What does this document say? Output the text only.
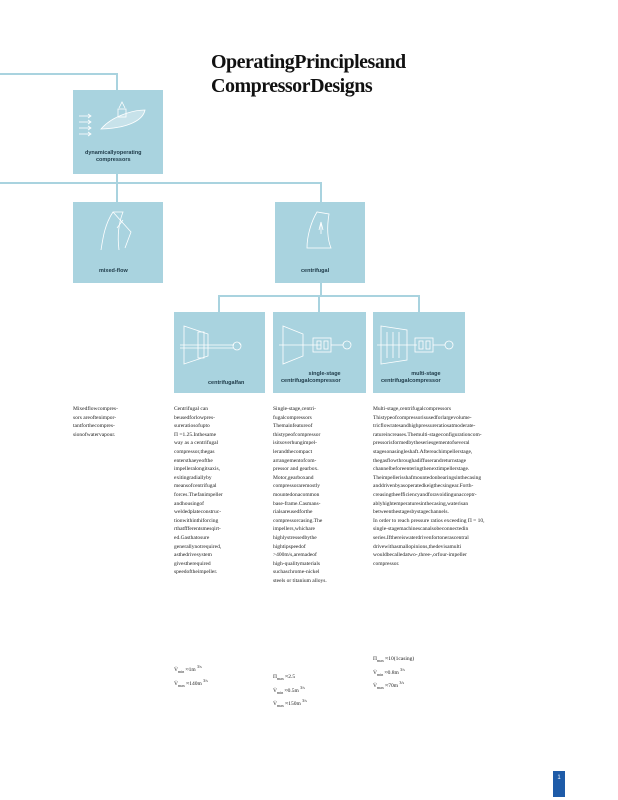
OperatingPrinciplesand
CompressorDesigns
dynamicallyoperating
compressors
mixed-flow	centrifugal
centrifugalfan
single-stage
centrifugalcompressor
multi-stage
centrifugalcompressor

Mixedflowcompres-
sors areoftenimpor-
tantforthecompres-
sionofwatervapour.

Centrifugal can
beusedforlowpres-
sureratiosofupto
Π =1.25.Inthesame
way as a centrifugal
compressor,thegas
entersthaeyeofthe
impelleralongitsaxis,
exitingradiallyby
meansofcentrifugal
forces.Thefanimpeller
andhousingof
weldedplateconstruc-
tionwithinthiforcing
rthatffferentsmesqirt-
ed.Gasthatosure
generallynotrequired,
asthedrivesystem
givestherequired
speedoftheimpeller.

Single-stage,centri-
fugalcompressors
Themainfeatureof
thistypeofcompressor
isitsoverhungimpel-
lerandthecompact
arrangementofcom-
pressor and gearbox.
Motor,gearboxand
compressoraremostly
mountedonacommon
base-frame.Casmans-
rialsareusedforthe
compressorcasing.The
impellers,whichare
highlystressedbythe
hightipspeedof
>400m/s,aremadeof
high-qualitymaterials
suchaschrome-nickel
steels or titanium alloys.

Multi-stage,centrifugalcompressors
Thistypeofcompressorisusedforlargevolume-
tricflowratesandhighpressureratiosatmoderate-
ratureincreases.Themulti-stageconfigurationcom-
pressorisformedbytheseriesgementofseveral
stagesonasingleshaft.Aftereachimpellerstage,
thegasflowthroughadiffuserandreturnstage
channelbeforeenteringthenextimpellerstage.
Theimpellerisshafmountedonbearingsinthecasing
anddrivenbyasoperatedkeigthecsingear.Forth-
creasingtheefficiencyandforavoidingunacceptr-
ablyhightemperaturesinthecasing,waterisan
betweenthestagesbystagechannels.
In order to reach pressure ratios exceeding Π = 10,
single-stagemachinescanalsobeconnectedin
series.Ifthereiswaterdrivenfortonerascentral
drivewithasmallopinions,thedevisamulti
wouldbecalledatwo-,three-,orfour-impeller
compressor.

$V̇_{min} \approx 1m$ $^{3/s}$
$V̇_{max} \approx 140m$ $^{3/s}$
$\Pi_{max} \approx 2.5$
$V̇_{min} \approx 0.5m$ $^{3/s}$
$V̇_{max} \approx 150m$ $^{3/s}$
$\Pi_{max} \approx 10(1casing)$
$V̇_{min} \approx 0.8m$ $^{3/s}$
$V̇_{max} \approx 70m$ $^{3/s}$
1
